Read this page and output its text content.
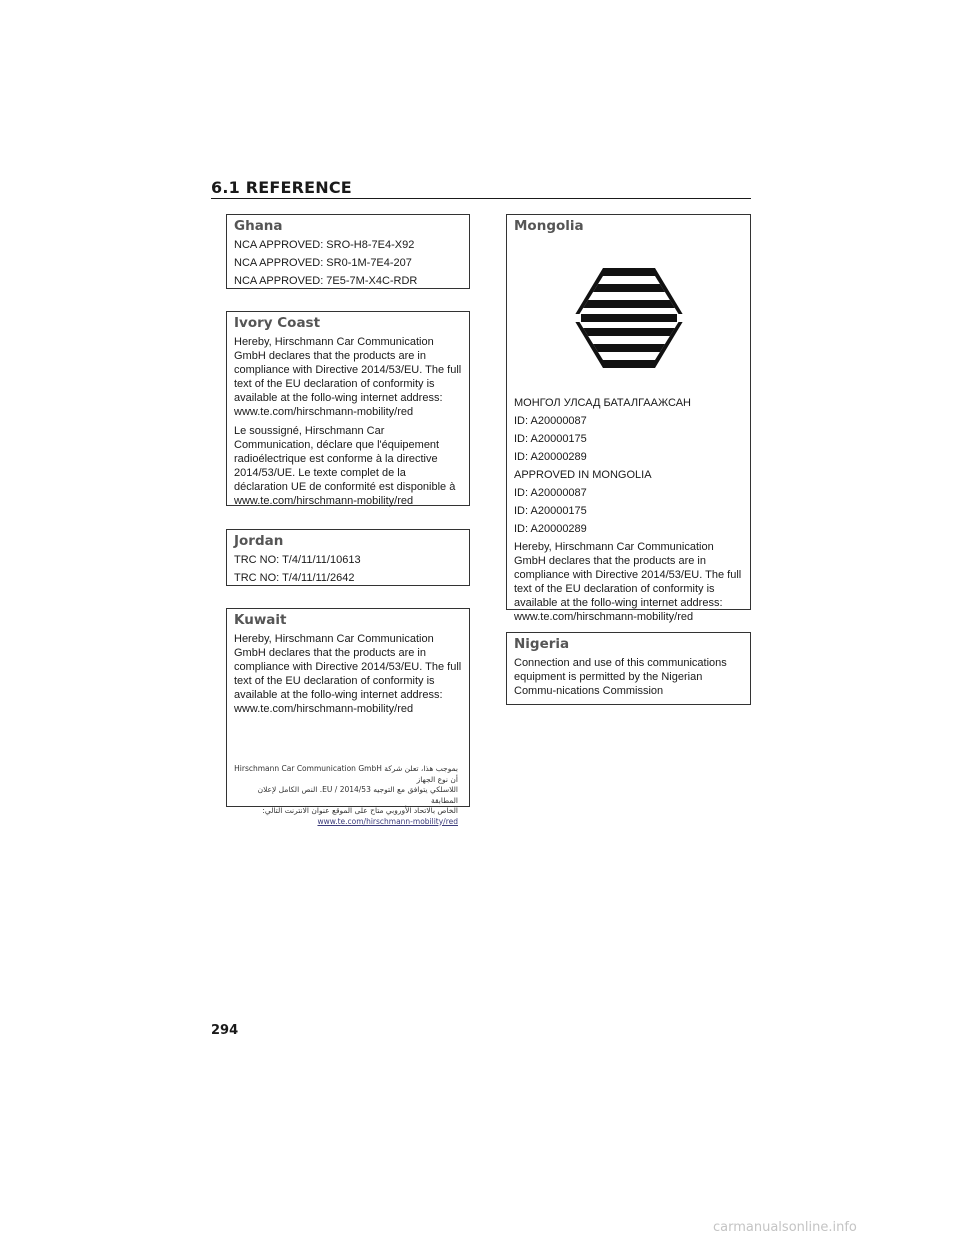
6.1 REFERENCE
Ghana

NCA APPROVED: SRO-H8-7E4-X92

NCA APPROVED: SR0-1M-7E4-207

NCA APPROVED: 7E5-7M-X4C-RDR

Ivory Coast

Hereby, Hirschmann Car Communication GmbH declares that the products are in compliance with Directive 2014/53/EU. The full text of the EU declaration of conformity is available at the follo-wing internet address: www.te.com/hirschmann-mobility/red

Le soussigné, Hirschmann Car Communication, déclare que l'équipement radioélectrique est conforme à la directive 2014/53/UE. Le texte complet de la déclaration UE de conformité est disponible à www.te.com/hirschmann-mobility/red

Jordan

TRC NO: T/4/11/11/10613

TRC NO: T/4/11/11/2642

Kuwait

Hereby, Hirschmann Car Communication GmbH declares that the products are in compliance with Directive 2014/53/EU. The full text of the EU declaration of conformity is available at the follo-wing internet address: www.te.com/hirschmann-mobility/red

بموجب هذا، تعلن شركة Hirschmann Car Communication GmbH أن نوع الجهاز
اللاسلكي يتوافق مع التوجيه 2014/53 / EU. النص الكامل لإعلان المطابقة
الخاص بالاتحاد الأوروبي متاح على الموقع عنوان الانترنت التالي:
www.te.com/hirschmann-mobility/red
Mongolia

МОНГОЛ УЛСАД БАТАЛГААЖСАН

ID: A20000087

ID: A20000175

ID: A20000289

APPROVED IN MONGOLIA

ID: A20000087

ID: A20000175

ID: A20000289

Hereby, Hirschmann Car Communication GmbH declares that the products are in compliance with Directive 2014/53/EU. The full text of the EU declaration of conformity is available at the follo-wing internet address: www.te.com/hirschmann-mobility/red

Nigeria

Connection and use of this communications equipment is permitted by the Nigerian Commu-nications Commission

294
carmanualsonline.info
